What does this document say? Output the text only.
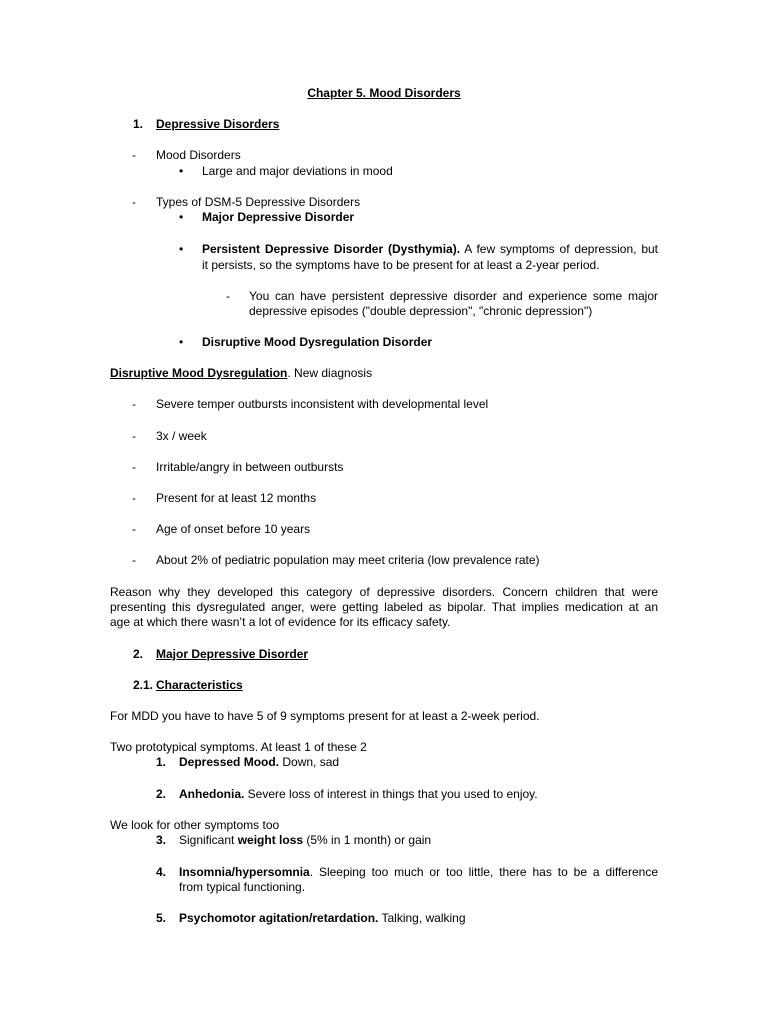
Chapter 5. Mood Disorders
1. Depressive Disorders
- Mood Disorders
• Large and major deviations in mood
- Types of DSM-5 Depressive Disorders
• Major Depressive Disorder
• Persistent Depressive Disorder (Dysthymia). A few symptoms of depression, but
it persists, so the symptoms have to be present for at least a 2-year period.
- You can have persistent depressive disorder and experience some major
depressive episodes ("double depression", "chronic depression")
• Disruptive Mood Dysregulation Disorder
Disruptive Mood Dysregulation. New diagnosis
- Severe temper outbursts inconsistent with developmental level
- 3x / week
- Irritable/angry in between outbursts
- Present for at least 12 months
- Age of onset before 10 years
- About 2% of pediatric population may meet criteria (low prevalence rate)
Reason why they developed this category of depressive disorders. Concern children that were
presenting this dysregulated anger, were getting labeled as bipolar. That implies medication at an
age at which there wasn’t a lot of evidence for its efficacy safety.
2. Major Depressive Disorder
2.1. Characteristics
For MDD you have to have 5 of 9 symptoms present for at least a 2-week period.
Two prototypical symptoms. At least 1 of these 2
1. Depressed Mood. Down, sad
2. Anhedonia. Severe loss of interest in things that you used to enjoy.
We look for other symptoms too
3. Significant weight loss (5% in 1 month) or gain
4. Insomnia/hypersomnia. Sleeping too much or too little, there has to be a difference
from typical functioning.
5. Psychomotor agitation/retardation. Talking, walking
